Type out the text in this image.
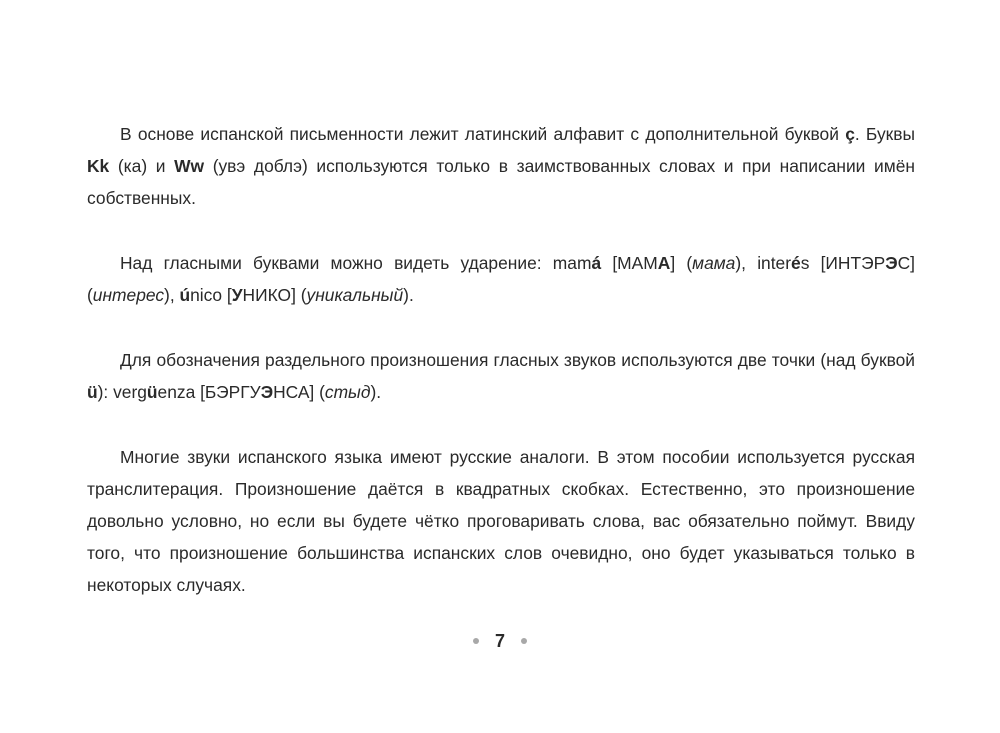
В основе испанской письменности лежит латинский алфавит с дополнительной буквой ç. Буквы Kk (ка) и Ww (увэ доблэ) используются только в заимствованных словах и при написании имён собственных.

Над гласными буквами можно видеть ударение: mamá [МАМА] (мама), interés [ИНТЭРЭС] (интерес), único [УНИКО] (уникальный).

Для обозначения раздельного произношения гласных звуков используются две точки (над буквой ü): vergüenza [БЭРГУЭНСА] (стыд).

Многие звуки испанского языка имеют русские аналоги. В этом пособии используется русская транслитерация. Произношение даётся в квадратных скобках. Естественно, это произношение довольно условно, но если вы будете чётко проговаривать слова, вас обязательно поймут. Ввиду того, что произношение большинства испанских слов очевидно, оно будет указываться только в некоторых случаях.

7
